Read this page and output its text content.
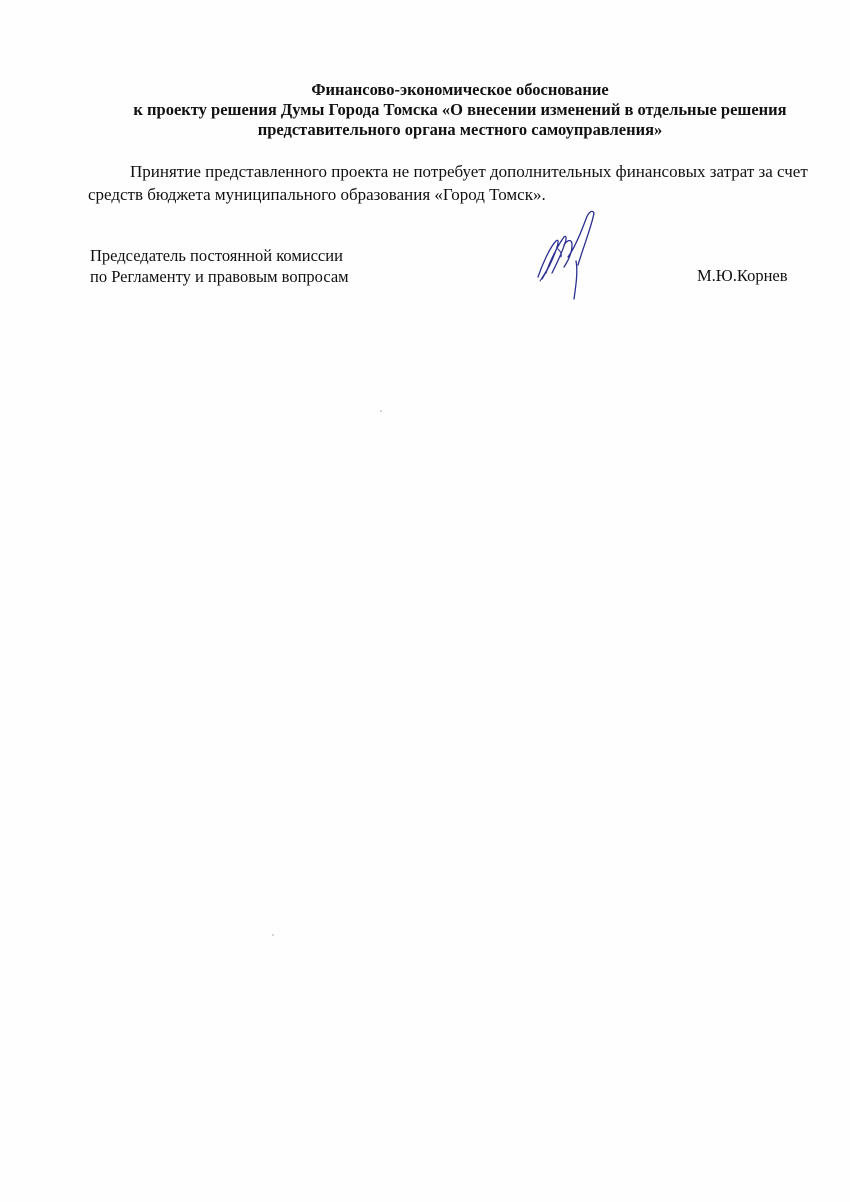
Финансово-экономическое обоснование
к проекту решения Думы Города Томска «О внесении изменений в отдельные решения
представительного органа местного самоуправления»
Принятие представленного проекта не потребует дополнительных финансовых затрат за счет
средств бюджета муниципального образования «Город Томск».
Председатель постоянной комиссии
по Регламенту и правовым вопросам	М.Ю.Корнев
